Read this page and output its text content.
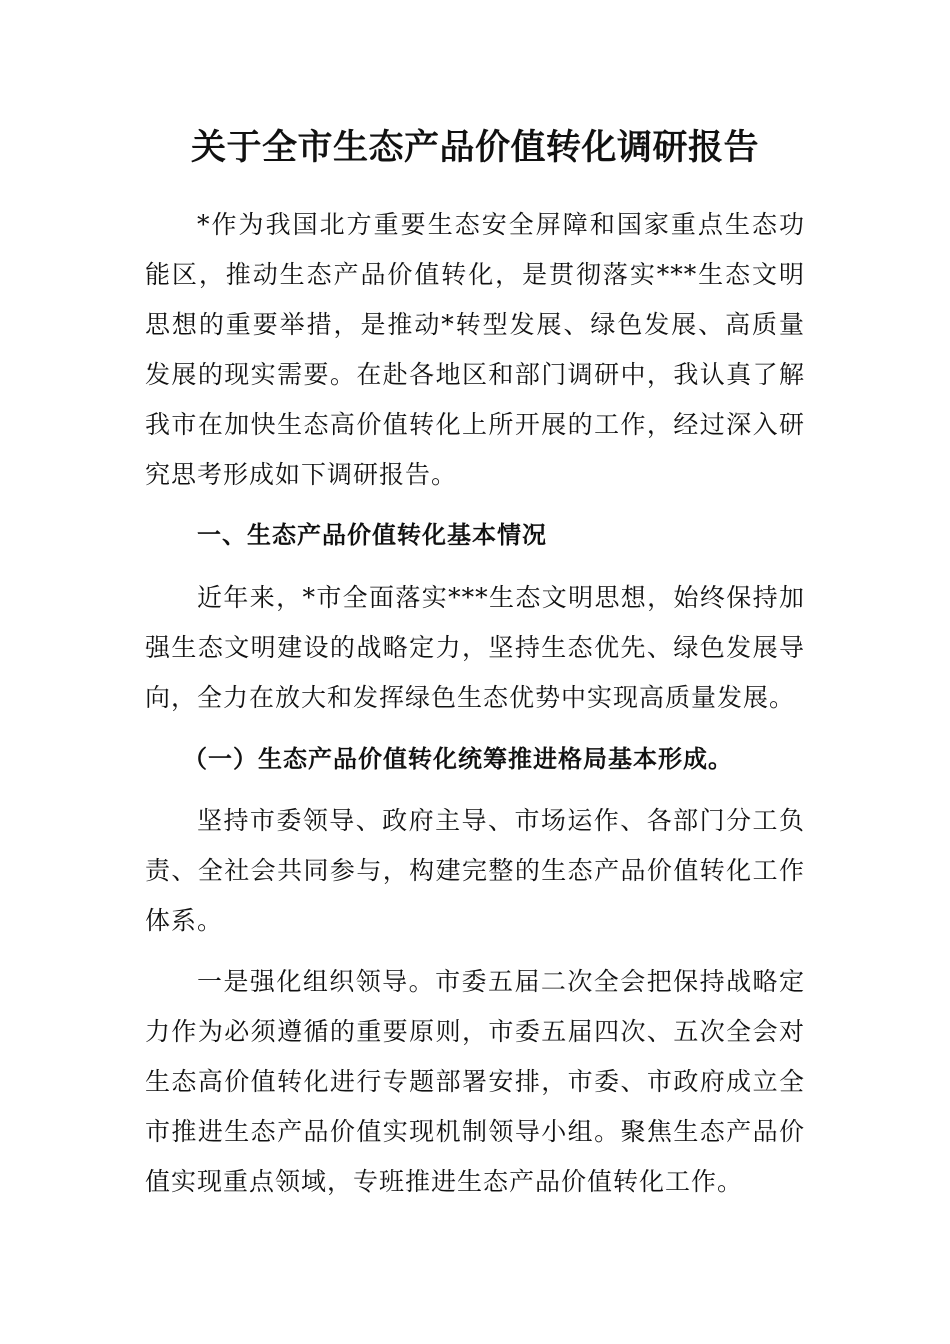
关于全市生态产品价值转化调研报告

*作为我国北方重要生态安全屏障和国家重点生态功能区，推动生态产品价值转化，是贯彻落实***生态文明思想的重要举措，是推动*转型发展、绿色发展、高质量发展的现实需要。在赴各地区和部门调研中，我认真了解我市在加快生态高价值转化上所开展的工作，经过深入研究思考形成如下调研报告。

一、生态产品价值转化基本情况

近年来，*市全面落实***生态文明思想，始终保持加强生态文明建设的战略定力，坚持生态优先、绿色发展导向，全力在放大和发挥绿色生态优势中实现高质量发展。

（一）生态产品价值转化统筹推进格局基本形成。

坚持市委领导、政府主导、市场运作、各部门分工负责、全社会共同参与，构建完整的生态产品价值转化工作体系。

一是强化组织领导。市委五届二次全会把保持战略定力作为必须遵循的重要原则，市委五届四次、五次全会对生态高价值转化进行专题部署安排，市委、市政府成立全市推进生态产品价值实现机制领导小组。聚焦生态产品价值实现重点领域，专班推进生态产品价值转化工作。
